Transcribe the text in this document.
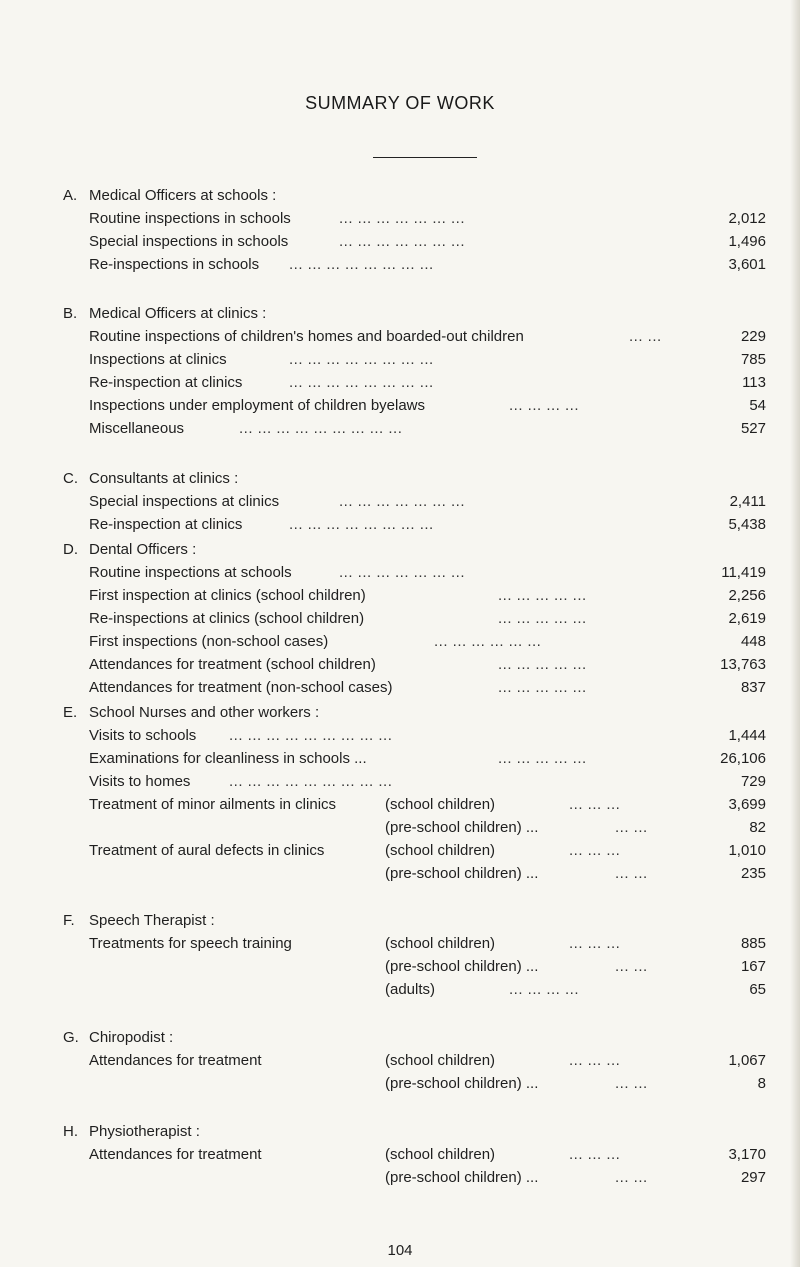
SUMMARY OF WORK
A. Medical Officers at schools :
Routine inspections in schools	... ... ... ... ... ... ...	2,012
Special inspections in schools	... ... ... ... ... ... ...	1,496
Re-inspections in schools ... ... ... ... ... ... ... ...	3,601
B. Medical Officers at clinics :
Routine inspections of children's homes and boarded-out children	... ...	229
Inspections at clinics	... ... ... ... ... ... ... ...	785
Re-inspection at clinics	... ... ... ... ... ... ... ...	113
Inspections under employment of children byelaws	... ... ... ...	54
Miscellaneous	... ... ... ... ... ... ... ... ...	527
C. Consultants at clinics :
Special inspections at clinics	... ... ... ... ... ... ...	2,411
Re-inspection at clinics	... ... ... ... ... ... ... ...	5,438
D. Dental Officers :
Routine inspections at schools	... ... ... ... ... ... ...	11,419
First inspection at clinics (school children)	... ... ... ... ...	2,256
Re-inspections at clinics (school children)	... ... ... ... ...	2,619
First inspections (non-school cases)	... ... ... ... ... ...	448
Attendances for treatment (school children)	... ... ... ... ...	13,763
Attendances for treatment (non-school cases)	... ... ... ... ...	837
E. School Nurses and other workers :
Visits to schools ... ... ... ... ... ... ... ... ...	1,444
Examinations for cleanliness in schools ...	... ... ... ... ...	26,106
Visits to homes	... ... ... ... ... ... ... ... ...	729
Treatment of minor ailments in clinics	(school children)	... ... ...	3,699
(pre-school children) ...	... ...	82
Treatment of aural defects in clinics	(school children)	... ... ...	1,010
(pre-school children) ...	... ...	235
F. Speech Therapist :
Treatments for speech training	(school children)	... ... ...	885
(pre-school children) ...	... ...	167
(adults)	... ... ... ...	65
G. Chiropodist :
Attendances for treatment	(school children)	... ... ...	1,067
(pre-school children) ...	... ...	8
H. Physiotherapist :
Attendances for treatment	(school children)	... ... ...	3,170
(pre-school children) ...	... ...	297
104
